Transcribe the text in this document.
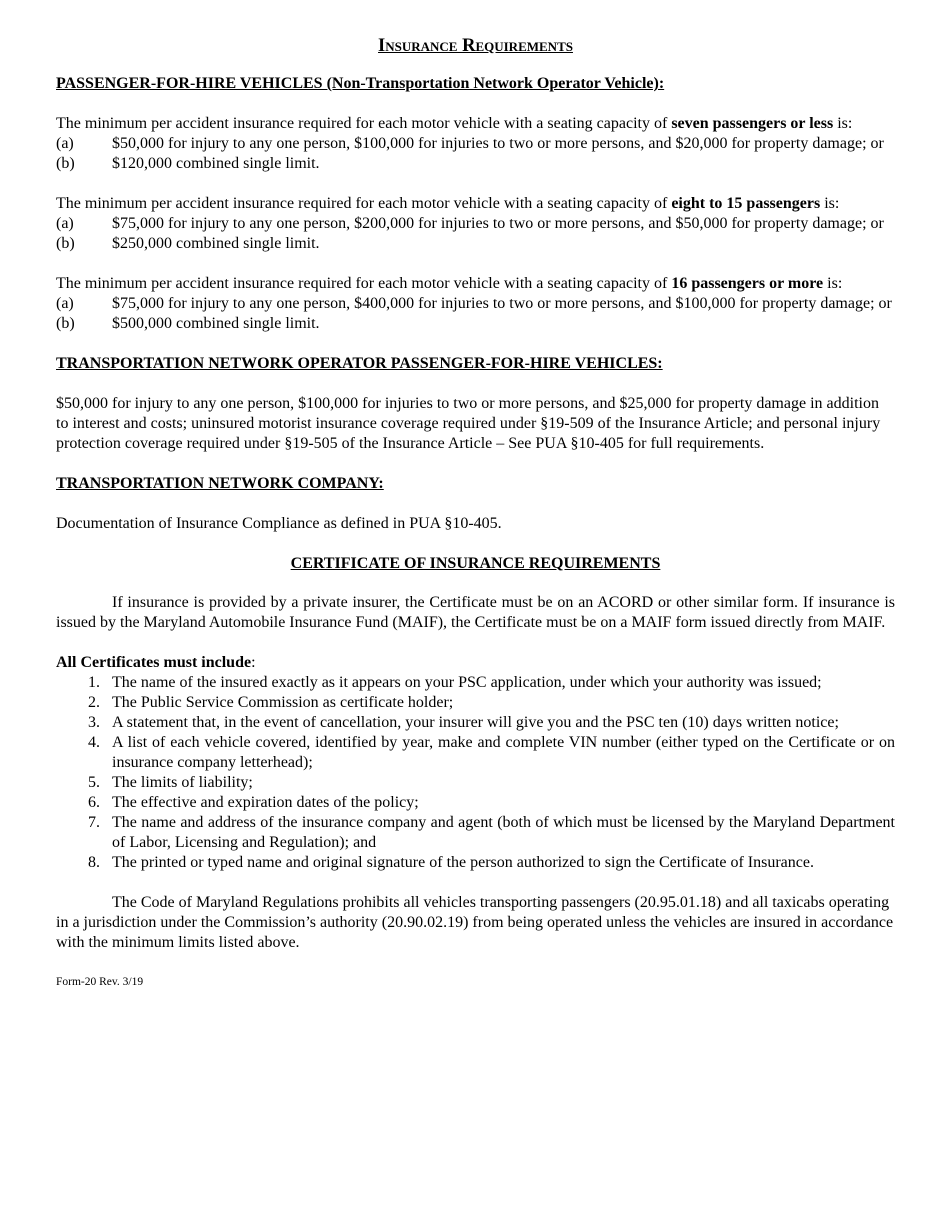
Insurance Requirements
PASSENGER-FOR-HIRE VEHICLES (Non-Transportation Network Operator Vehicle):

The minimum per accident insurance required for each motor vehicle with a seating capacity of seven passengers or less is:

(a)	$50,000 for injury to any one person, $100,000 for injuries to two or more persons, and $20,000 for property damage; or
(b)	$120,000 combined single limit.

The minimum per accident insurance required for each motor vehicle with a seating capacity of eight to 15 passengers is:

(a)	$75,000 for injury to any one person, $200,000 for injuries to two or more persons, and $50,000 for property damage; or
(b)	$250,000 combined single limit.

The minimum per accident insurance required for each motor vehicle with a seating capacity of 16 passengers or more is:

(a)	$75,000 for injury to any one person, $400,000 for injuries to two or more persons, and $100,000 for property damage; or
(b)	$500,000 combined single limit.
TRANSPORTATION NETWORK OPERATOR PASSENGER-FOR-HIRE VEHICLES:

$50,000 for injury to any one person, $100,000 for injuries to two or more persons, and $25,000 for property damage in addition to interest and costs; uninsured motorist insurance coverage required under §19-509 of the Insurance Article; and personal injury protection coverage required under §19-505 of the Insurance Article – See PUA §10-405 for full requirements.

TRANSPORTATION NETWORK COMPANY:

Documentation of Insurance Compliance as defined in PUA §10-405.

CERTIFICATE OF INSURANCE REQUIREMENTS

If insurance is provided by a private insurer, the Certificate must be on an ACORD or other similar form. If insurance is issued by the Maryland Automobile Insurance Fund (MAIF), the Certificate must be on a MAIF form issued directly from MAIF.

All Certificates must include:

1. The name of the insured exactly as it appears on your PSC application, under which your authority was issued;
2. The Public Service Commission as certificate holder;
3. A statement that, in the event of cancellation, your insurer will give you and the PSC ten (10) days written notice;
4. A list of each vehicle covered, identified by year, make and complete VIN number (either typed on the Certificate or on insurance company letterhead);
5. The limits of liability;
6. The effective and expiration dates of the policy;
7. The name and address of the insurance company and agent (both of which must be licensed by the Maryland Department of Labor, Licensing and Regulation); and
8. The printed or typed name and original signature of the person authorized to sign the Certificate of Insurance.

The Code of Maryland Regulations prohibits all vehicles transporting passengers (20.95.01.18) and all taxicabs operating in a jurisdiction under the Commission’s authority (20.90.02.19) from being operated unless the vehicles are insured in accordance with the minimum limits listed above.

Form-20 Rev. 3/19
